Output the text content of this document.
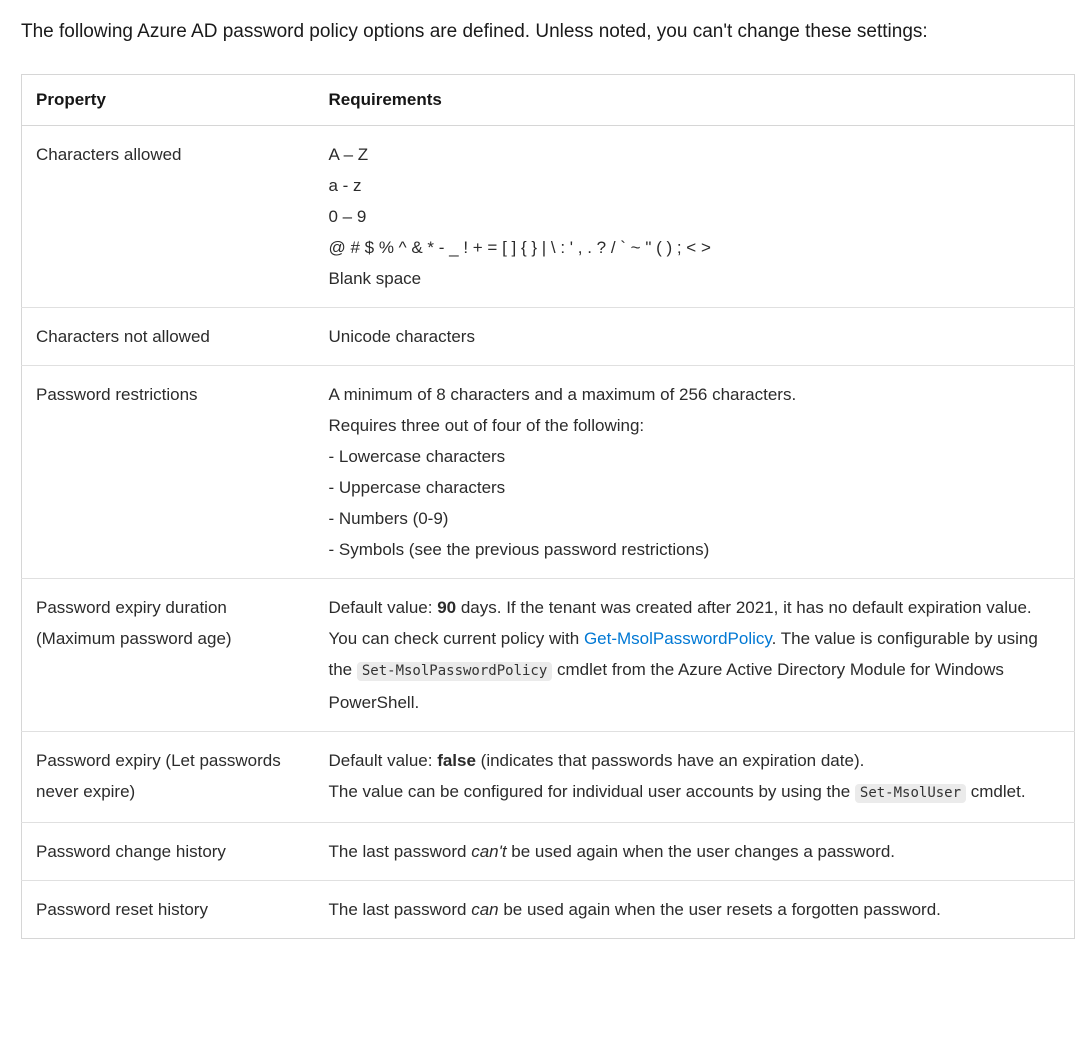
The following Azure AD password policy options are defined. Unless noted, you can't change these settings:

Property	Requirements
Characters allowed	A – Z
a - z
0 – 9
@ # $ % ^ & * - _ ! + = [ ] { } | \ : ' , . ? / ` ~ " ( ) ; < >
Blank space

Characters not allowed	Unicode characters

Password restrictions	A minimum of 8 characters and a maximum of 256 characters.
Requires three out of four of the following:
- Lowercase characters
- Uppercase characters
- Numbers (0-9)
- Symbols (see the previous password restrictions)

Password expiry duration (Maximum password age)	Default value: 90 days. If the tenant was created after 2021, it has no default expiration value. You can check current policy with Get-MsolPasswordPolicy. The value is configurable by using the Set-MsolPasswordPolicy cmdlet from the Azure Active Directory Module for Windows PowerShell.

Password expiry (Let passwords never expire)	Default value: false (indicates that passwords have an expiration date).
The value can be configured for individual user accounts by using the Set-MsolUser cmdlet.

Password change history	The last password can't be used again when the user changes a password.

Password reset history	The last password can be used again when the user resets a forgotten password.
